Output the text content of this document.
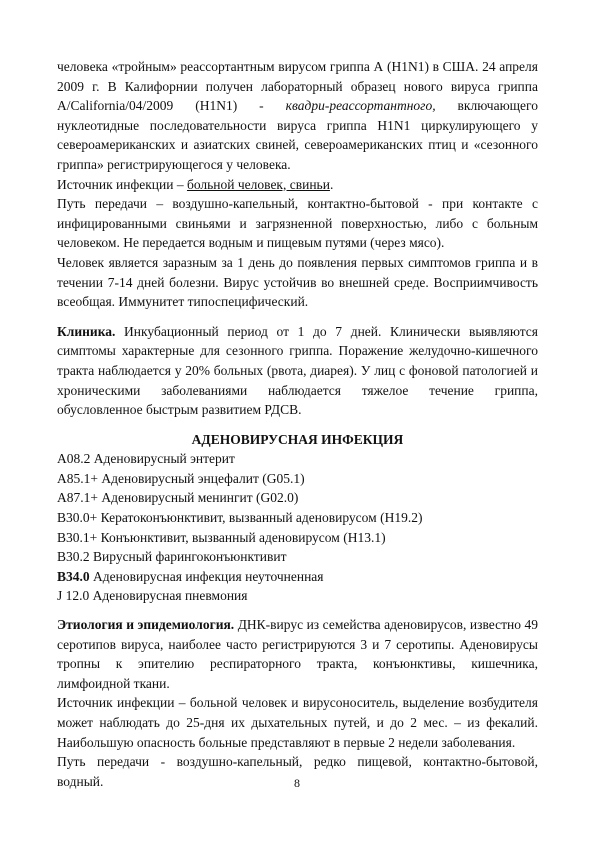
человека «тройным» реассортантным вирусом гриппа А (H1N1) в США. 24 апреля 2009 г. В Калифорнии получен лабораторный образец нового вируса гриппа A/California/04/2009 (H1N1) - квадри-реассортантного, включающего нуклеотидные последовательности вируса гриппа H1N1 циркулирующего у североамериканских и азиатских свиней, североамериканских птиц и «сезонного гриппа» регистрирующегося у человека.

Источник инфекции – больной человек, свиньи.

Путь передачи – воздушно-капельный, контактно-бытовой - при контакте с инфицированными свиньями и загрязненной поверхностью, либо с больным человеком. Не передается водным и пищевым путями (через мясо).

Человек является заразным за 1 день до появления первых симптомов гриппа и в течении 7-14 дней болезни. Вирус устойчив во внешней среде. Восприимчивость всеобщая. Иммунитет типоспецифический.

Клиника. Инкубационный период от 1 до 7 дней. Клинически выявляются симптомы характерные для сезонного гриппа. Поражение желудочно-кишечного тракта наблюдается у 20% больных (рвота, диарея). У лиц с фоновой патологией и хроническими заболеваниями наблюдается тяжелое течение гриппа, обусловленное быстрым развитием РДСВ.

АДЕНОВИРУСНАЯ ИНФЕКЦИЯ

А08.2 Аденовирусный энтерит

А85.1+ Аденовирусный энцефалит (G05.1)

А87.1+ Аденовирусный менингит (G02.0)

В30.0+ Кератоконъюнктивит, вызванный аденовирусом (Н19.2)

В30.1+ Конъюнктивит, вызванный аденовирусом (Н13.1)

В30.2 Вирусный фарингоконъюнктивит

В34.0 Аденовирусная инфекция неуточненная

J 12.0 Аденовирусная пневмония

Этиология и эпидемиология. ДНК-вирус из семейства аденовирусов, известно 49 серотипов вируса, наиболее часто регистрируются 3 и 7 серотипы. Аденовирусы тропны к эпителию респираторного тракта, конъюнктивы, кишечника, лимфоидной ткани.

Источник инфекции – больной человек и вирусоноситель, выделение возбудителя может наблюдать до 25-дня их дыхательных путей, и до 2 мес. – из фекалий. Наибольшую опасность больные представляют в первые 2 недели заболевания.

Путь передачи - воздушно-капельный, редко пищевой, контактно-бытовой, водный.	8
